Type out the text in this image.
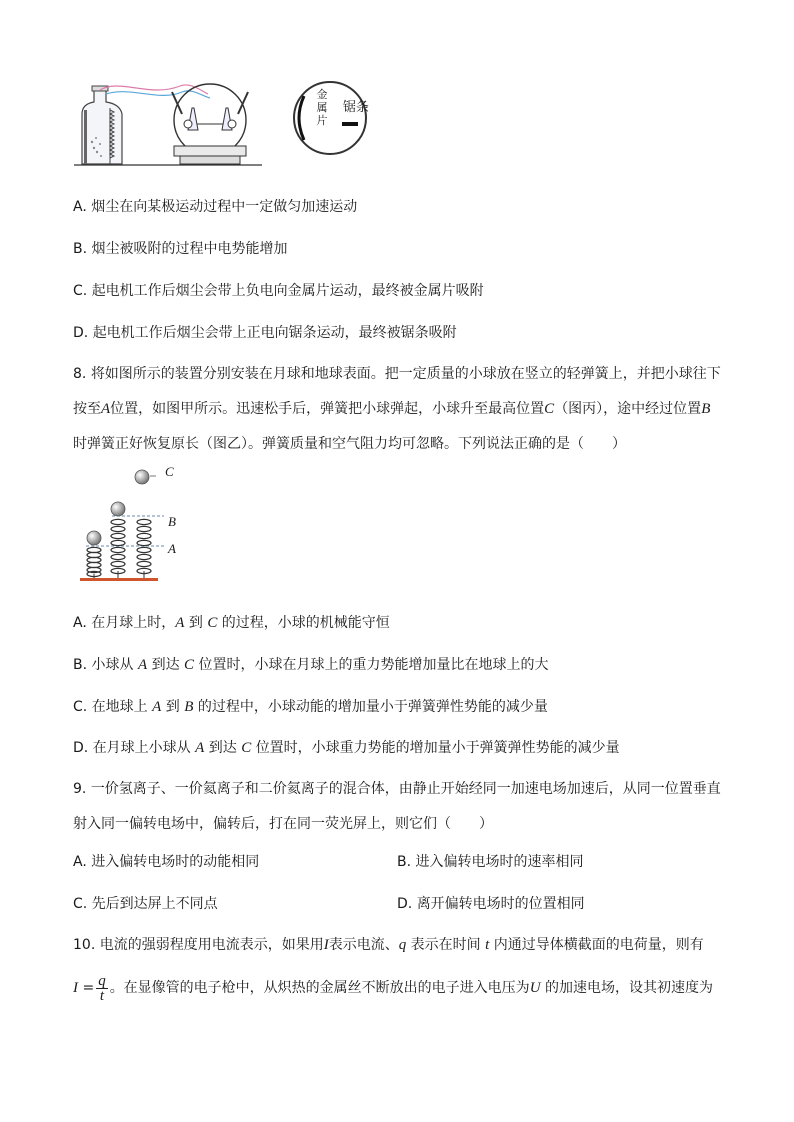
金属片
锯条
A. 烟尘在向某极运动过程中一定做匀加速运动
B. 烟尘被吸附的过程中电势能增加
C. 起电机工作后烟尘会带上负电向金属片运动，最终被金属片吸附
D. 起电机工作后烟尘会带上正电向锯条运动，最终被锯条吸附
8. 将如图所示的装置分别安装在月球和地球表面。把一定质量的小球放在竖立的轻弹簧上，并把小球往下
按至A位置，如图甲所示。迅速松手后，弹簧把小球弹起，小球升至最高位置C（图丙），途中经过位置B
时弹簧正好恢复原长（图乙）。弹簧质量和空气阻力均可忽略。下列说法正确的是（　　）
C
B
A
A. 在月球上时，A 到 C 的过程，小球的机械能守恒
B. 小球从 A 到达 C 位置时，小球在月球上的重力势能增加量比在地球上的大
C. 在地球上 A 到 B 的过程中，小球动能的增加量小于弹簧弹性势能的减少量
D. 在月球上小球从 A 到达 C 位置时，小球重力势能的增加量小于弹簧弹性势能的减少量
9. 一价氢离子、一价氦离子和二价氦离子的混合体，由静止开始经同一加速电场加速后，从同一位置垂直
射入同一偏转电场中，偏转后，打在同一荧光屏上，则它们（　　）
A. 进入偏转电场时的动能相同	B. 进入偏转电场时的速率相同
C. 先后到达屏上不同点	D. 离开偏转电场时的位置相同
10. 电流的强弱程度用电流表示，如果用I表示电流、q 表示在时间 t 内通过导体横截面的电荷量，则有
$I = \frac{q}{t}$ 。在显像管的电子枪中，从炽热的金属丝不断放出的电子进入电压为U 的加速电场，设其初速度为
